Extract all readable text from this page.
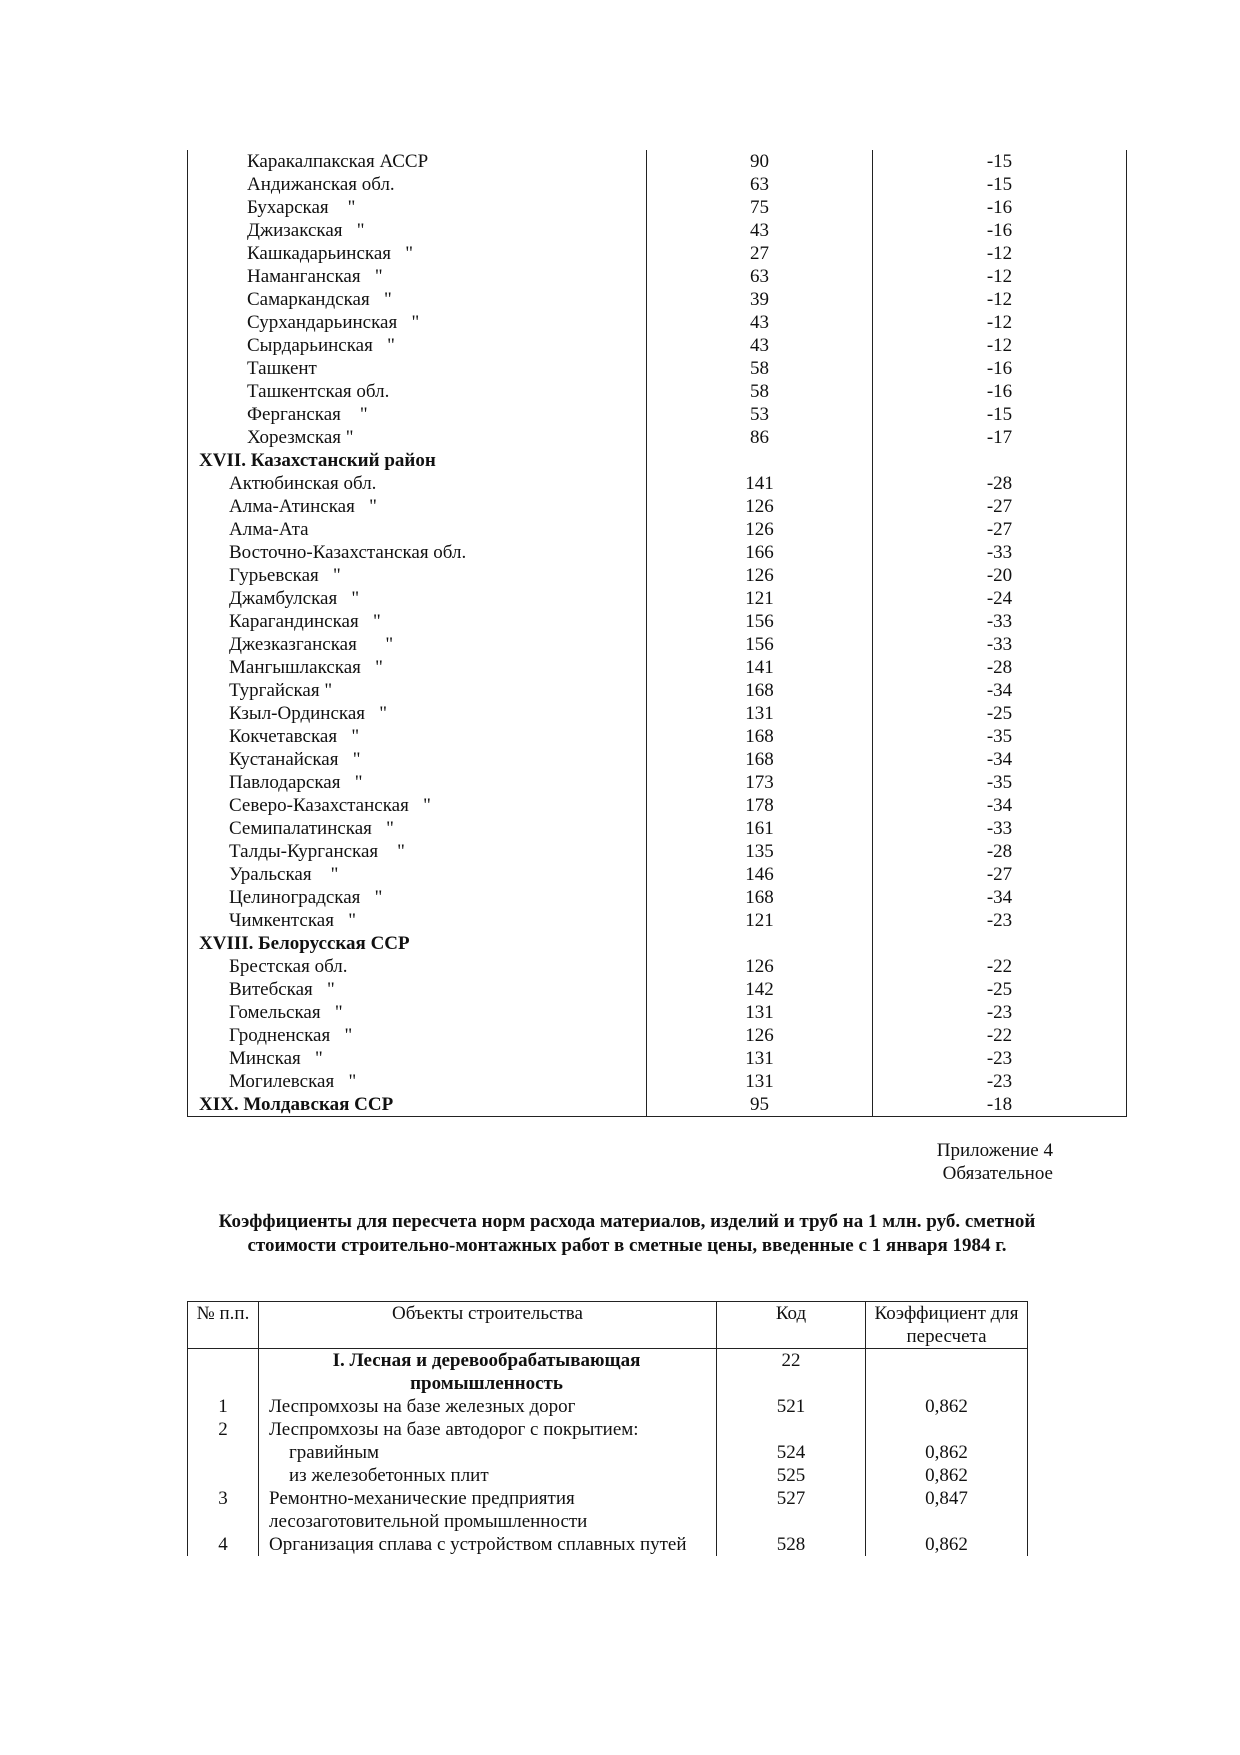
Каракалпакская АССР	90	-15
Андижанская обл.	63	-15
Бухарская    "	75	-16
Джизакская   "	43	-16
Кашкадарьинская   "	27	-12
Наманганская   "	63	-12
Самаркандская   "	39	-12
Сурхандарьинская   "	43	-12
Сырдарьинская   "	43	-12
Ташкент	58	-16
Ташкентская обл.	58	-16
Ферганская    "	53	-15
Хорезмская "	86	-17
XVII. Казахстанский район		
Актюбинская обл.	141	-28
Алма-Атинская   "	126	-27
Алма-Ата	126	-27
Восточно-Казахстанская обл.	166	-33
Гурьевская   "	126	-20
Джамбулская   "	121	-24
Карагандинская   "	156	-33
Джезказганская      "	156	-33
Мангышлакская   "	141	-28
Тургайская "	168	-34
Кзыл-Ординская   "	131	-25
Кокчетавская   "	168	-35
Кустанайская   "	168	-34
Павлодарская   "	173	-35
Северо-Казахстанская   "	178	-34
Семипалатинская   "	161	-33
Талды-Курганская    "	135	-28
Уральская    "	146	-27
Целиноградская   "	168	-34
Чимкентская   "	121	-23
XVIII. Белорусская ССР		
Брестская обл.	126	-22
Витебская   "	142	-25
Гомельская   "	131	-23
Гродненская   "	126	-22
Минская   "	131	-23
Могилевская   "	131	-23
XIX. Молдавская ССР	95	-18
Приложение 4
Обязательное
Коэффициенты для пересчета норм расхода материалов, изделий и труб на 1 млн. руб. сметной стоимости строительно-монтажных работ в сметные цены, введенные с 1 января 1984 г.
№ п.п.	Объекты строительства	Код	Коэффициент для пересчета
	I. Лесная и деревообрабатывающая промышленность	22	
1	Леспромхозы на базе железных дорог	521	0,862
2	Леспромхозы на базе автодорог с покрытием:		
	гравийным	524	0,862
	из железобетонных плит	525	0,862
3	Ремонтно-механические предприятия лесозаготовительной промышленности	527	0,847
4	Организация сплава с устройством сплавных путей	528	0,862
